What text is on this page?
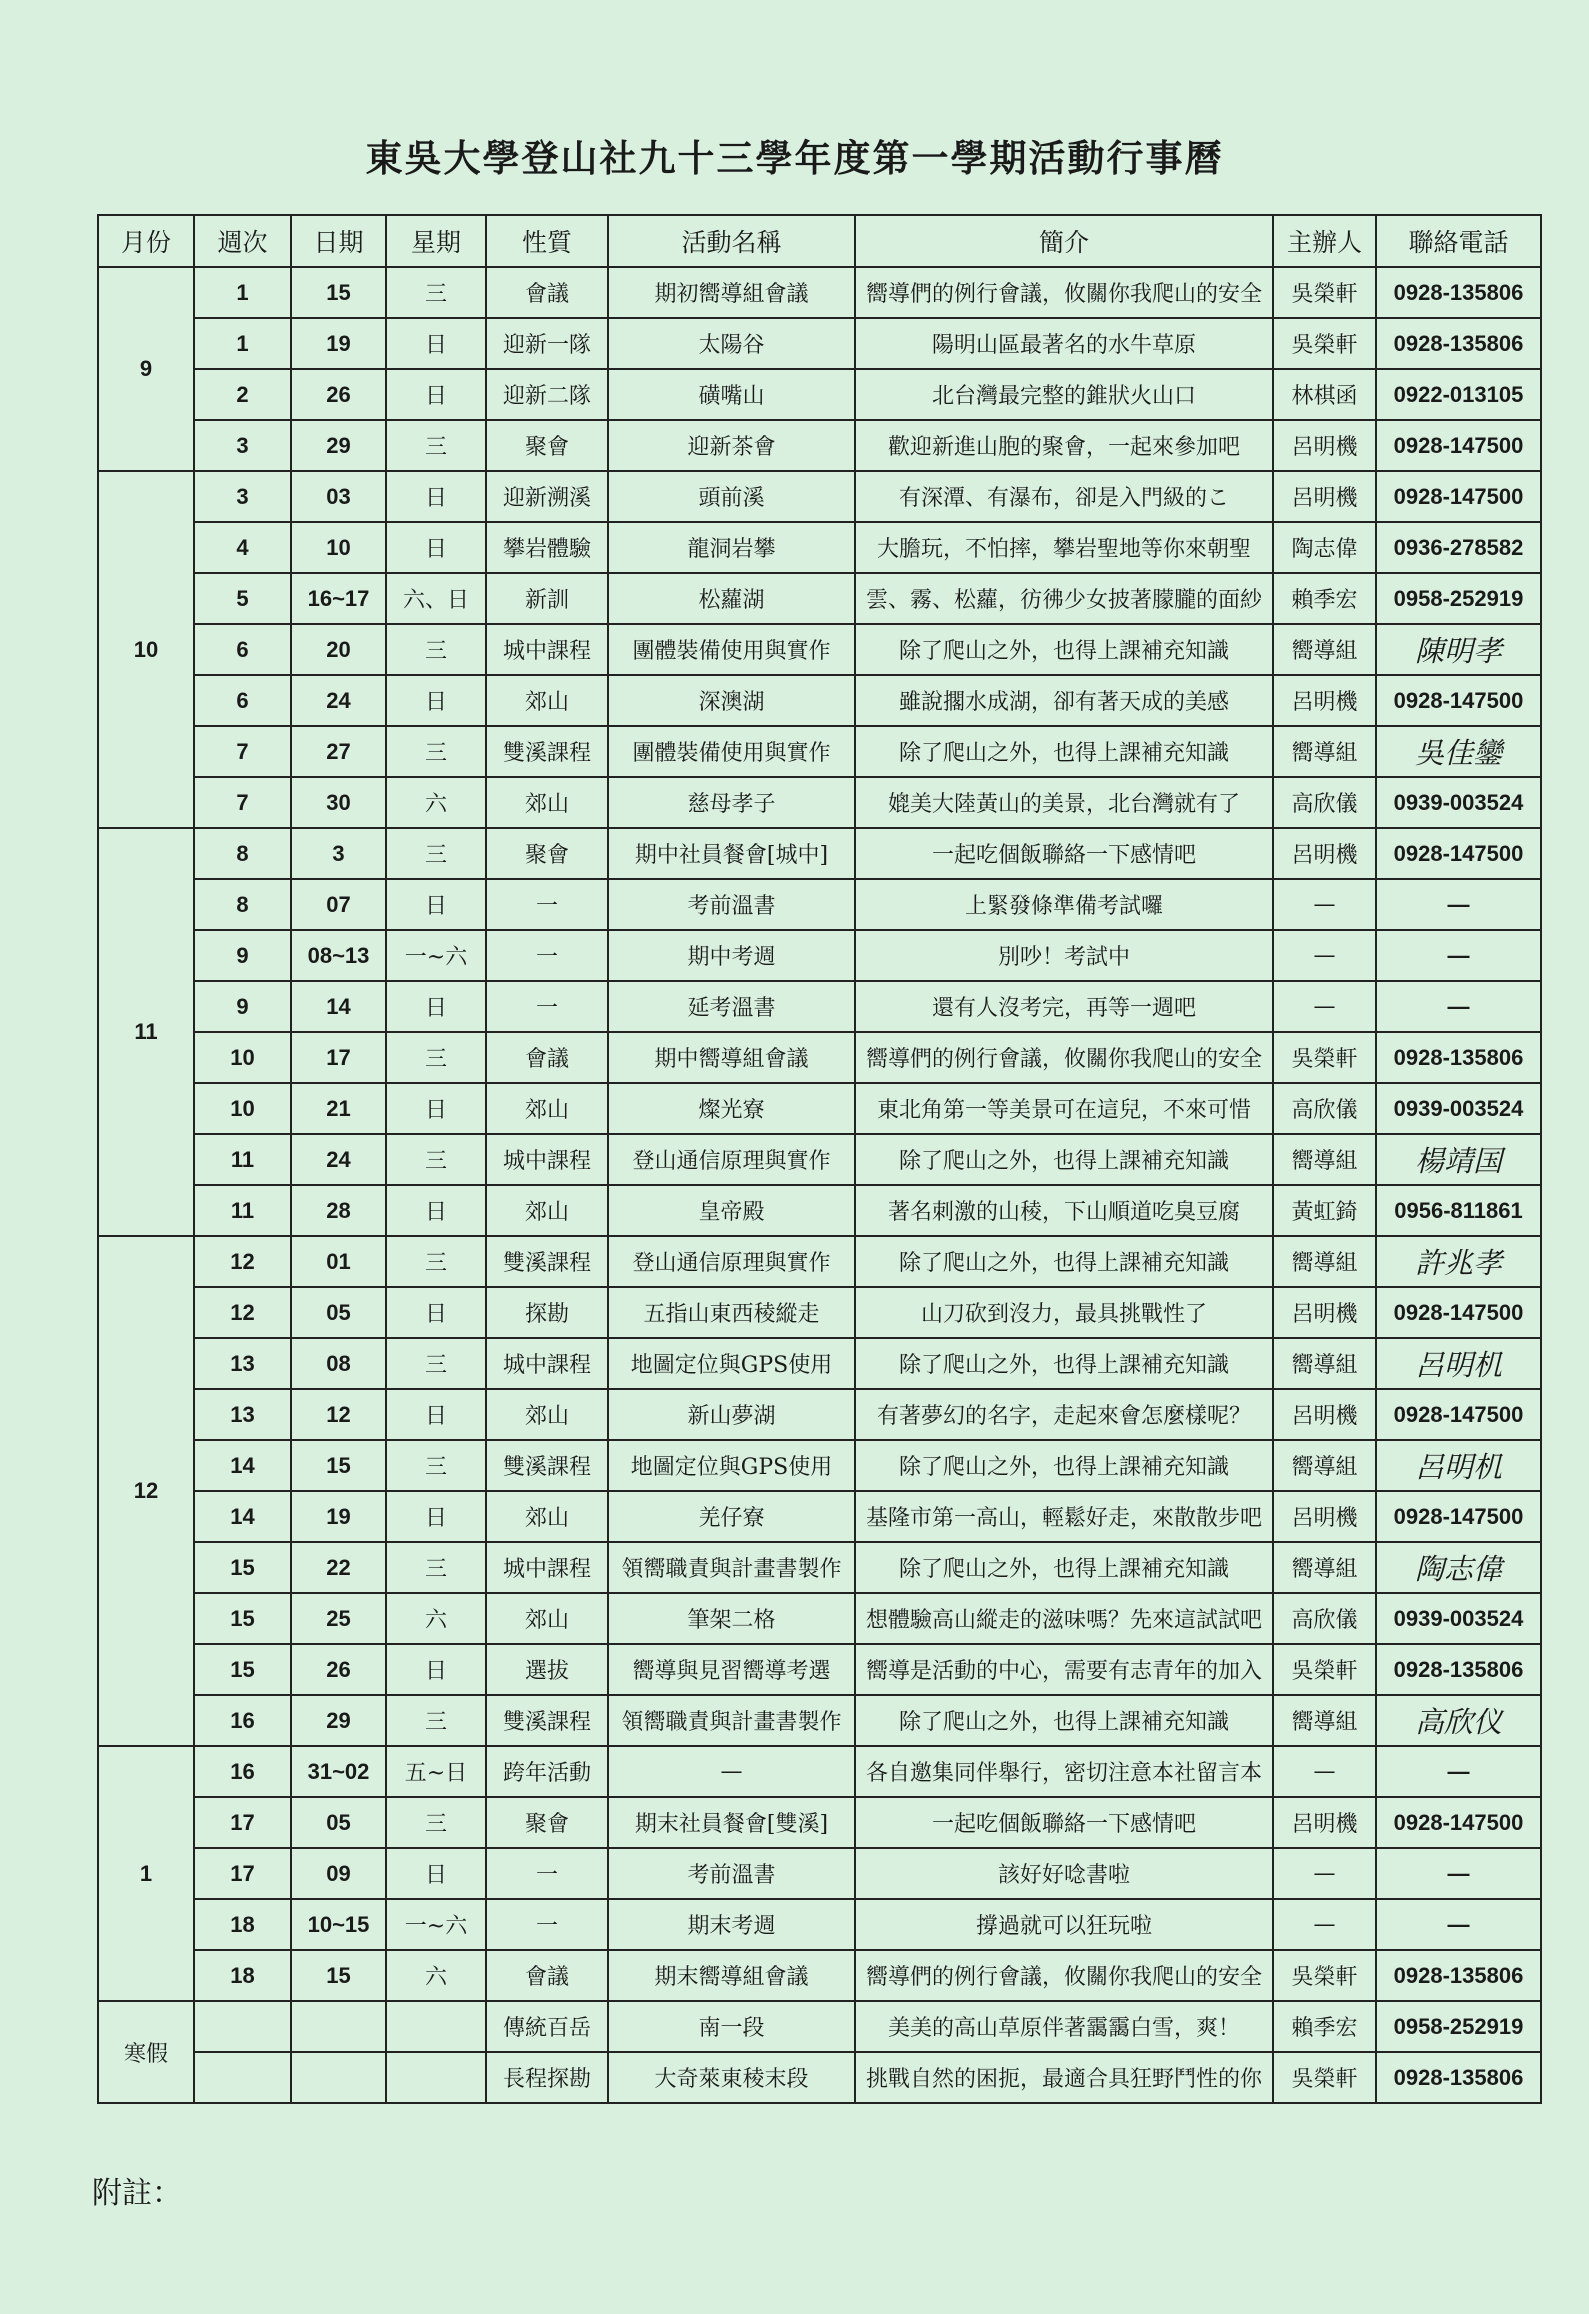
東吳大學登山社九十三學年度第一學期活動行事曆
月份	週次	日期	星期	性質	活動名稱	簡介	主辦人	聯絡電話
9	1	15	三	會議	期初嚮導組會議	嚮導們的例行會議，攸關你我爬山的安全	吳榮軒	0928-135806
	1	19	日	迎新一隊	太陽谷	陽明山區最著名的水牛草原	吳榮軒	0928-135806
	2	26	日	迎新二隊	磺嘴山	北台灣最完整的錐狀火山口	林棋函	0922-013105
	3	29	三	聚會	迎新茶會	歡迎新進山胞的聚會，一起來參加吧	呂明機	0928-147500
10	3	03	日	迎新溯溪	頭前溪	有深潭、有瀑布，卻是入門級的こ	呂明機	0928-147500
	4	10	日	攀岩體驗	龍洞岩攀	大膽玩，不怕摔，攀岩聖地等你來朝聖	陶志偉	0936-278582
	5	16~17	六、日	新訓	松蘿湖	雲、霧、松蘿，彷彿少女披著朦朧的面紗	賴季宏	0958-252919
	6	20	三	城中課程	團體裝備使用與實作	除了爬山之外，也得上課補充知識	嚮導組	陳明孝
	6	24	日	郊山	深澳湖	雖說擱水成湖，卻有著天成的美感	呂明機	0928-147500
	7	27	三	雙溪課程	團體裝備使用與實作	除了爬山之外，也得上課補充知識	嚮導組	吳佳鑾
	7	30	六	郊山	慈母孝子	媲美大陸黃山的美景，北台灣就有了	高欣儀	0939-003524
11	8	3	三	聚會	期中社員餐會[城中]	一起吃個飯聯絡一下感情吧	呂明機	0928-147500
	8	07	日	一	考前溫書	上緊發條準備考試囉	—	—
	9	08~13	一~六	一	期中考週	別吵！考試中	—	—
	9	14	日	一	延考溫書	還有人沒考完，再等一週吧	—	—
	10	17	三	會議	期中嚮導組會議	嚮導們的例行會議，攸關你我爬山的安全	吳榮軒	0928-135806
	10	21	日	郊山	燦光寮	東北角第一等美景可在這兒，不來可惜	高欣儀	0939-003524
	11	24	三	城中課程	登山通信原理與實作	除了爬山之外，也得上課補充知識	嚮導組	楊靖国
	11	28	日	郊山	皇帝殿	著名刺激的山稜，下山順道吃臭豆腐	黃虹錡	0956-811861
12	12	01	三	雙溪課程	登山通信原理與實作	除了爬山之外，也得上課補充知識	嚮導組	許兆孝
	12	05	日	探勘	五指山東西稜縱走	山刀砍到沒力，最具挑戰性了	呂明機	0928-147500
	13	08	三	城中課程	地圖定位與GPS使用	除了爬山之外，也得上課補充知識	嚮導組	呂明机
	13	12	日	郊山	新山夢湖	有著夢幻的名字，走起來會怎麼樣呢？	呂明機	0928-147500
	14	15	三	雙溪課程	地圖定位與GPS使用	除了爬山之外，也得上課補充知識	嚮導組	呂明机
	14	19	日	郊山	羌仔寮	基隆市第一高山，輕鬆好走，來散散步吧	呂明機	0928-147500
	15	22	三	城中課程	領嚮職責與計畫書製作	除了爬山之外，也得上課補充知識	嚮導組	陶志偉
	15	25	六	郊山	筆架二格	想體驗高山縱走的滋味嗎？先來這試試吧	高欣儀	0939-003524
	15	26	日	選拔	嚮導與見習嚮導考選	嚮導是活動的中心，需要有志青年的加入	吳榮軒	0928-135806
	16	29	三	雙溪課程	領嚮職責與計畫書製作	除了爬山之外，也得上課補充知識	嚮導組	高欣仪
1	16	31~02	五~日	跨年活動	—	各自邀集同伴舉行，密切注意本社留言本	—	—
	17	05	三	聚會	期末社員餐會[雙溪]	一起吃個飯聯絡一下感情吧	呂明機	0928-147500
	17	09	日	一	考前溫書	該好好唸書啦	—	—
	18	10~15	一~六	一	期末考週	撐過就可以狂玩啦	—	—
	18	15	六	會議	期末嚮導組會議	嚮導們的例行會議，攸關你我爬山的安全	吳榮軒	0928-135806
寒假				傳統百岳	南一段	美美的高山草原伴著靄靄白雪，爽！	賴季宏	0958-252919
				長程探勘	大奇萊東稜末段	挑戰自然的困扼，最適合具狂野鬥性的你	吳榮軒	0928-135806
附註：
